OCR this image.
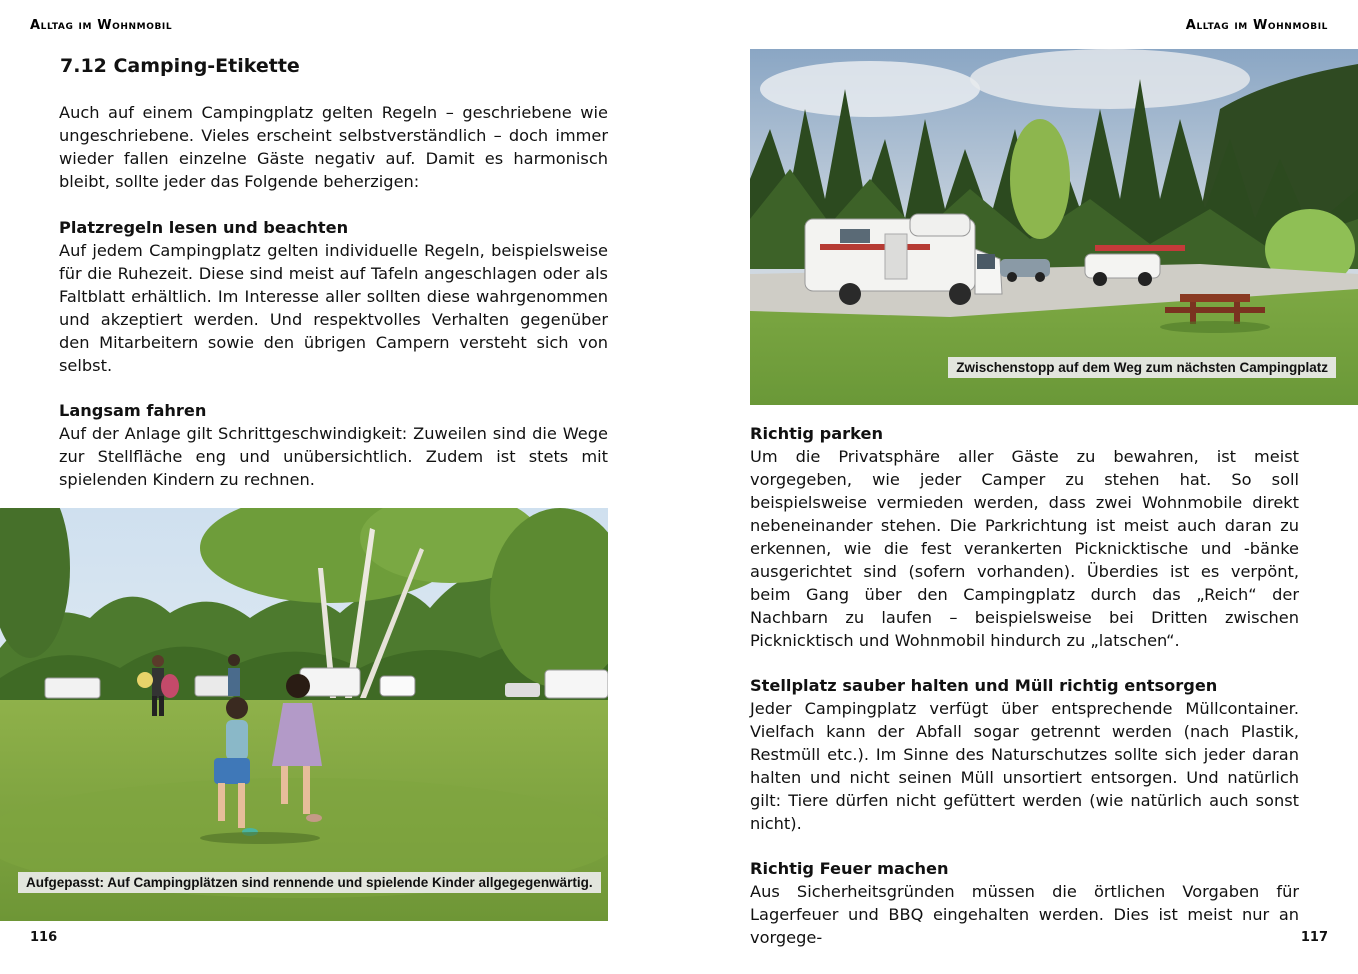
Alltag im Wohnmobil
7.12 Camping-Etikette

Auch auf einem Campingplatz gelten Regeln – geschriebene wie ungeschriebene. Vieles erscheint selbstverständlich – doch immer wieder fallen einzelne Gäste negativ auf. Damit es harmonisch bleibt, sollte jeder das Folgende beherzigen:

Platzregeln lesen und beachten

Auf jedem Campingplatz gelten individuelle Regeln, beispielsweise für die Ruhezeit. Diese sind meist auf Tafeln angeschlagen oder als Faltblatt erhältlich. Im Interesse aller sollten diese wahrgenommen und akzeptiert werden. Und respektvolles Verhalten gegenüber den Mitarbeitern sowie den übrigen Campern versteht sich von selbst.

Langsam fahren

Auf der Anlage gilt Schrittgeschwindigkeit: Zuweilen sind die Wege zur Stellfläche eng und unübersichtlich. Zudem ist stets mit spielenden Kindern zu rechnen.

Aufgepasst: Auf Campingplätzen sind rennende und spielende Kinder allgegegenwärtig.
116
Alltag im Wohnmobil
Zwischenstopp auf dem Weg zum nächsten Campingplatz
Richtig parken

Um die Privatsphäre aller Gäste zu bewahren, ist meist vorgegeben, wie jeder Camper zu stehen hat. So soll beispielsweise vermieden werden, dass zwei Wohnmobile direkt nebeneinander stehen. Die Parkrichtung ist meist auch daran zu erkennen, wie die fest verankerten Picknicktische und -bänke ausgerichtet sind (sofern vorhanden). Überdies ist es verpönt, beim Gang über den Campingplatz durch das „Reich“ der Nachbarn zu laufen – beispielsweise bei Dritten zwischen Picknicktisch und Wohnmobil hindurch zu „latschen“.

Stellplatz sauber halten und Müll richtig entsorgen

Jeder Campingplatz verfügt über entsprechende Müllcontainer. Vielfach kann der Abfall sogar getrennt werden (nach Plastik, Restmüll etc.). Im Sinne des Naturschutzes sollte sich jeder daran halten und nicht seinen Müll unsortiert entsorgen. Und natürlich gilt: Tiere dürfen nicht gefüttert werden (wie natürlich auch sonst nicht).

Richtig Feuer machen

Aus Sicherheitsgründen müssen die örtlichen Vorgaben für Lagerfeuer und BBQ eingehalten werden. Dies ist meist nur an vorgege-	117
